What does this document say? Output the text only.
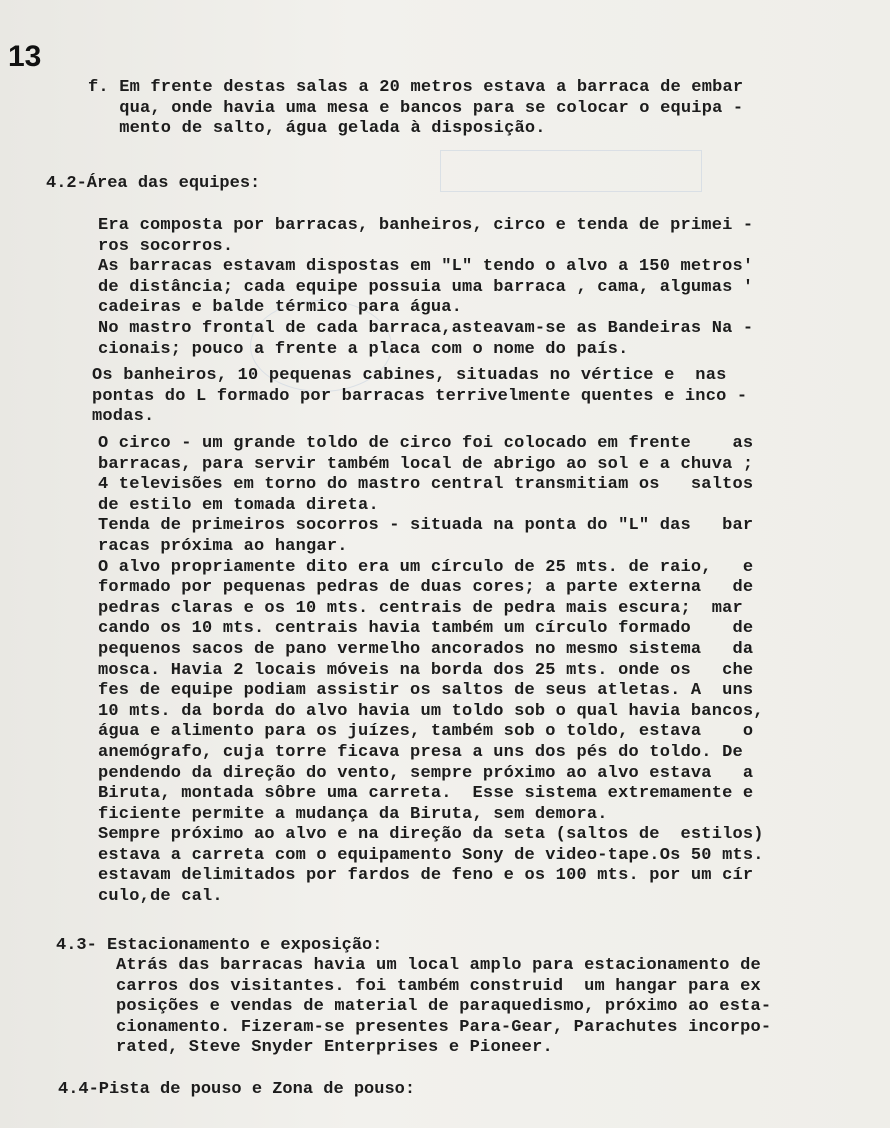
13
f. Em frente destas salas a 20 metros estava a barraca de embar
qua, onde havia uma mesa e bancos para se colocar o equipa -
mento de salto, água gelada à disposição.
4.2-Área das equipes:
Era composta por barracas, banheiros, circo e tenda de primei -
ros socorros.
As barracas estavam dispostas em "L" tendo o alvo a 150 metros'
de distância; cada equipe possuia uma barraca , cama, algumas '
cadeiras e balde térmico para água.
No mastro frontal de cada barraca,asteavam-se as Bandeiras Na -
cionais; pouco a frente a placa com o nome do país.
Os banheiros, 10 pequenas cabines, situadas no vértice e  nas
pontas do L formado por barracas terrivelmente quentes e inco -
modas.
O circo - um grande toldo de circo foi colocado em frente    as
barracas, para servir também local de abrigo ao sol e a chuva ;
4 televisões em torno do mastro central transmitiam os   saltos
de estilo em tomada direta.
Tenda de primeiros socorros - situada na ponta do "L" das   bar
racas próxima ao hangar.
O alvo propriamente dito era um círculo de 25 mts. de raio,   e
formado por pequenas pedras de duas cores; a parte externa   de
pedras claras e os 10 mts. centrais de pedra mais escura;  mar
cando os 10 mts. centrais havia também um círculo formado    de
pequenos sacos de pano vermelho ancorados no mesmo sistema   da
mosca. Havia 2 locais móveis na borda dos 25 mts. onde os   che
fes de equipe podiam assistir os saltos de seus atletas. A  uns
10 mts. da borda do alvo havia um toldo sob o qual havia bancos,
água e alimento para os juízes, também sob o toldo, estava    o
anemógrafo, cuja torre ficava presa a uns dos pés do toldo. De
pendendo da direção do vento, sempre próximo ao alvo estava   a
Biruta, montada sôbre uma carreta.  Esse sistema extremamente e
ficiente permite a mudança da Biruta, sem demora.
Sempre próximo ao alvo e na direção da seta (saltos de  estilos)
estava a carreta com o equipamento Sony de video-tape.Os 50 mts.
estavam delimitados por fardos de feno e os 100 mts. por um cír
culo,de cal.
4.3- Estacionamento e exposição:
Atrás das barracas havia um local amplo para estacionamento de
carros dos visitantes. foi também construid  um hangar para ex
posições e vendas de material de paraquedismo, próximo ao esta-
cionamento. Fizeram-se presentes Para-Gear, Parachutes incorpo-
rated, Steve Snyder Enterprises e Pioneer.
4.4-Pista de pouso e Zona de pouso:
